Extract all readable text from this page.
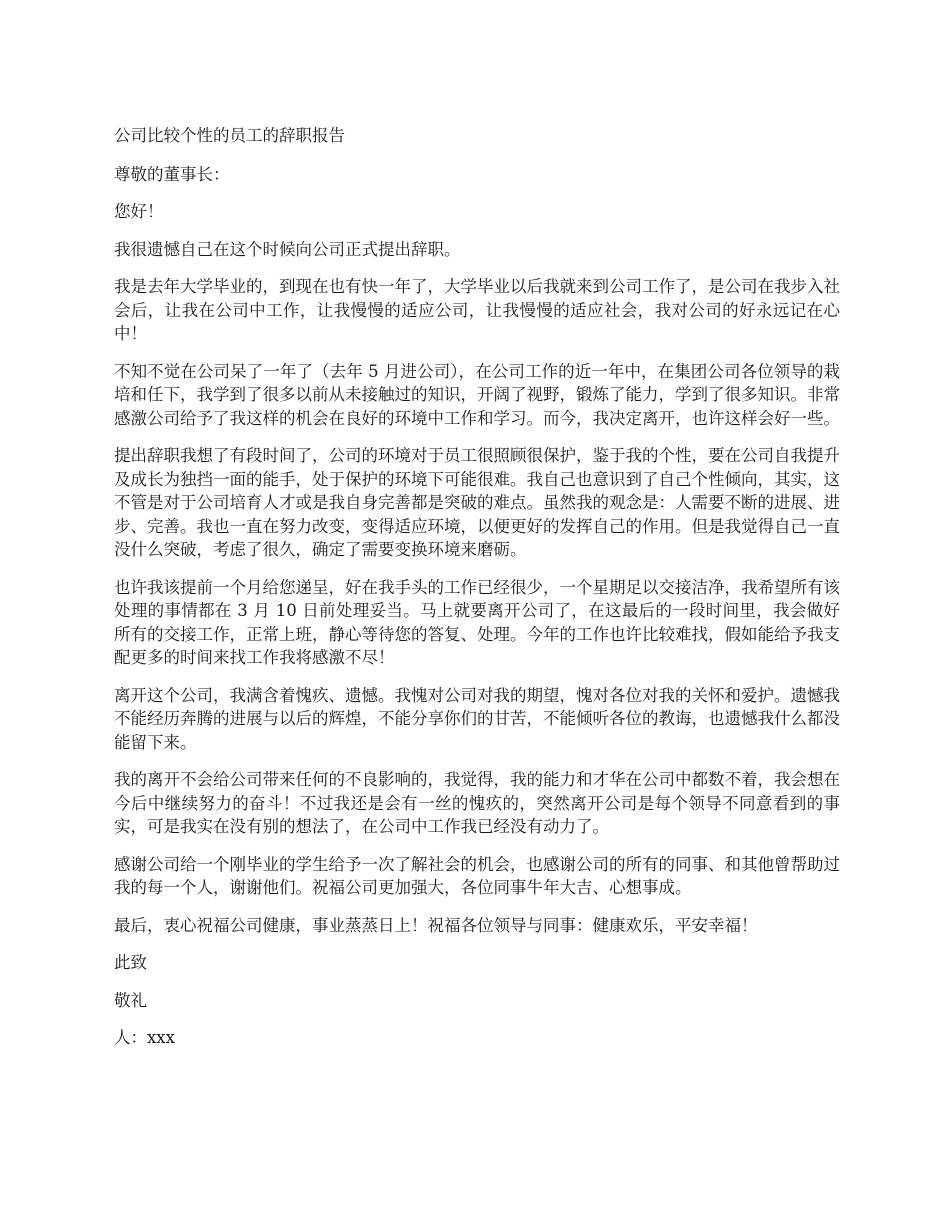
公司比较个性的员工的辞职报告

尊敬的董事长：

您好！

我很遗憾自己在这个时候向公司正式提出辞职。

我是去年大学毕业的，到现在也有快一年了，大学毕业以后我就来到公司工作了，是公司在我步入社会后，让我在公司中工作，让我慢慢的适应公司，让我慢慢的适应社会，我对公司的好永远记在心中！

不知不觉在公司呆了一年了（去年 5 月进公司），在公司工作的近一年中，在集团公司各位领导的栽培和任下，我学到了很多以前从未接触过的知识，开阔了视野，锻炼了能力，学到了很多知识。非常感激公司给予了我这样的机会在良好的环境中工作和学习。而今，我决定离开，也许这样会好一些。

提出辞职我想了有段时间了，公司的环境对于员工很照顾很保护，鉴于我的个性，要在公司自我提升及成长为独挡一面的能手，处于保护的环境下可能很难。我自己也意识到了自己个性倾向，其实，这不管是对于公司培育人才或是我自身完善都是突破的难点。虽然我的观念是：人需要不断的进展、进步、完善。我也一直在努力改变，变得适应环境，以便更好的发挥自己的作用。但是我觉得自己一直没什么突破，考虑了很久，确定了需要变换环境来磨砺。

也许我该提前一个月给您递呈，好在我手头的工作已经很少，一个星期足以交接洁净，我希望所有该处理的事情都在 3 月 10 日前处理妥当。马上就要离开公司了，在这最后的一段时间里，我会做好所有的交接工作，正常上班，静心等待您的答复、处理。今年的工作也许比较难找，假如能给予我支配更多的时间来找工作我将感激不尽！

离开这个公司，我满含着愧疚、遗憾。我愧对公司对我的期望，愧对各位对我的关怀和爱护。遗憾我不能经历奔腾的进展与以后的辉煌，不能分享你们的甘苦，不能倾听各位的教诲，也遗憾我什么都没能留下来。

我的离开不会给公司带来任何的不良影响的，我觉得，我的能力和才华在公司中都数不着，我会想在今后中继续努力的奋斗！不过我还是会有一丝的愧疚的，突然离开公司是每个领导不同意看到的事实，可是我实在没有别的想法了，在公司中工作我已经没有动力了。

感谢公司给一个刚毕业的学生给予一次了解社会的机会，也感谢公司的所有的同事、和其他曾帮助过我的每一个人，谢谢他们。祝福公司更加强大，各位同事牛年大吉、心想事成。

最后，衷心祝福公司健康，事业蒸蒸日上！祝福各位领导与同事：健康欢乐，平安幸福！

此致

敬礼

人：xxx
